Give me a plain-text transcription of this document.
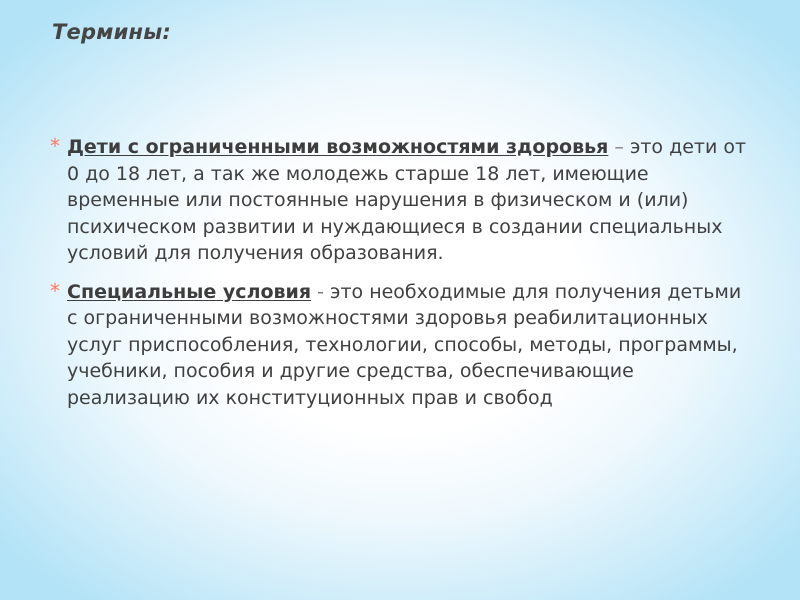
Термины:

* Дети с ограниченными возможностями здоровья – это дети от 0 до 18 лет, а так же молодежь старше 18 лет, имеющие временные или постоянные нарушения в физическом и (или) психическом развитии и нуждающиеся в создании специальных условий для получения образования.

* Специальные условия - это необходимые для получения детьми с ограниченными возможностями здоровья реабилитационных услуг приспособления, технологии, способы, методы, программы, учебники, пособия и другие средства, обеспечивающие реализацию их конституционных прав и свобод
